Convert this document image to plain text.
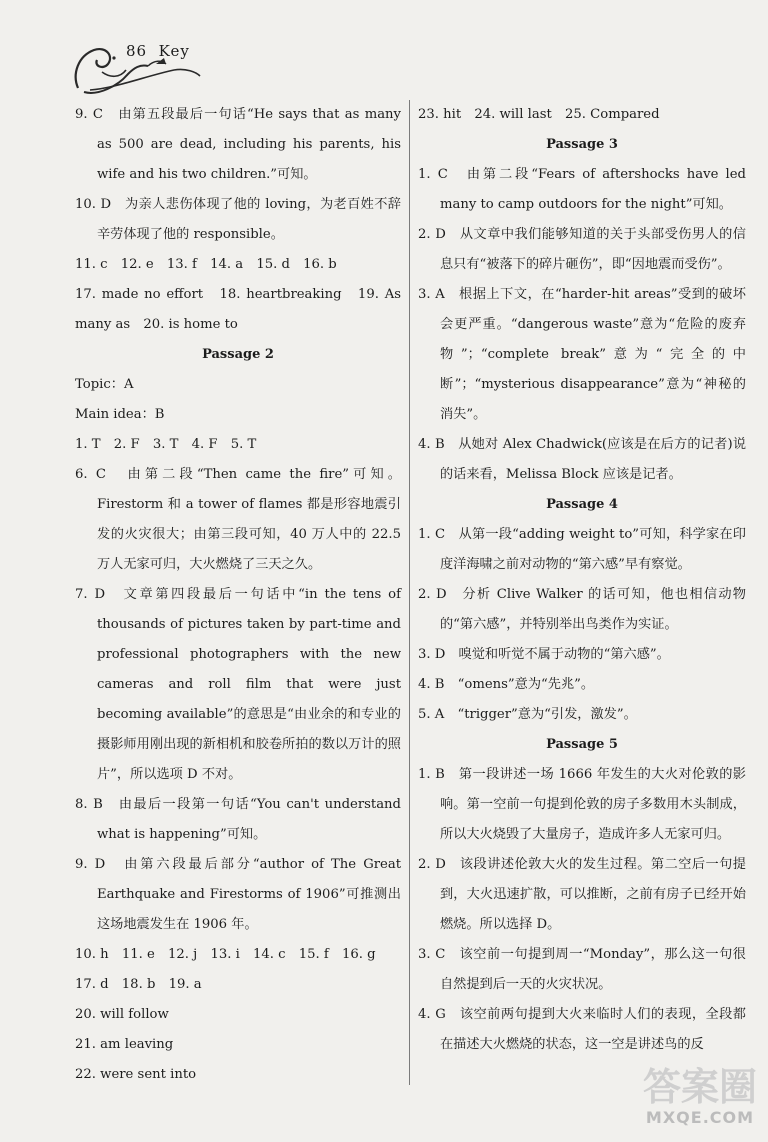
86 Key
9. C　由第五段最后一句话“He says that as many as 500 are dead, including his parents, his wife and his two children.”可知。
10. D　为亲人悲伤体现了他的 loving，为老百姓不辞辛劳体现了他的 responsible。
11. c　12. e　13. f　14. a　15. d　16. b
17. made no effort　18. heartbreaking　19. As many as　20. is home to
Passage 2
Topic：A
Main idea：B
1. T　2. F　3. T　4. F　5. T
6. C　由第二段“Then came the fire”可知。Firestorm 和 a tower of flames 都是形容地震引发的火灾很大；由第三段可知，40 万人中的 22.5 万人无家可归，大火燃烧了三天之久。
7. D　文章第四段最后一句话中“in the tens of thousands of pictures taken by part-time and professional photographers with the new cameras and roll film that were just becoming available”的意思是“由业余的和专业的摄影师用刚出现的新相机和胶卷所拍的数以万计的照片”，所以选项 D 不对。
8. B　由最后一段第一句话“You can't understand what is happening”可知。
9. D　由第六段最后部分“author of The Great Earthquake and Firestorms of 1906”可推测出这场地震发生在 1906 年。
10. h　11. e　12. j　13. i　14. c　15. f　16. g
17. d　18. b　19. a
20. will follow
21. am leaving
22. were sent into
23. hit　24. will last　25. Compared
Passage 3
1. C　由第二段“Fears of aftershocks have led many to camp outdoors for the night”可知。
2. D　从文章中我们能够知道的关于头部受伤男人的信息只有“被落下的碎片砸伤”，即“因地震而受伤”。
3. A　根据上下文，在“harder-hit areas”受到的破坏会更严重。“dangerous waste”意为“危险的废弃物”；“complete break”意为“完全的中断”；“mysterious disappearance”意为“神秘的消失”。
4. B　从她对 Alex Chadwick(应该是在后方的记者)说的话来看，Melissa Block 应该是记者。
Passage 4
1. C　从第一段“adding weight to”可知，科学家在印度洋海啸之前对动物的“第六感”早有察觉。
2. D　分析 Clive Walker 的话可知，他也相信动物的“第六感”，并特别举出鸟类作为实证。
3. D　嗅觉和听觉不属于动物的“第六感”。
4. B　“omens”意为“先兆”。
5. A　“trigger”意为“引发，激发”。
Passage 5
1. B　第一段讲述一场 1666 年发生的大火对伦敦的影响。第一空前一句提到伦敦的房子多数用木头制成，所以大火烧毁了大量房子，造成许多人无家可归。
2. D　该段讲述伦敦大火的发生过程。第二空后一句提到，大火迅速扩散，可以推断，之前有房子已经开始燃烧。所以选择 D。
3. C　该空前一句提到周一“Monday”，那么这一句很自然提到后一天的火灾状况。
4. G　该空前两句提到大火来临时人们的表现，全段都在描述大火燃烧的状态，这一空是讲述鸟的反
答案圈
MXQE.COM
